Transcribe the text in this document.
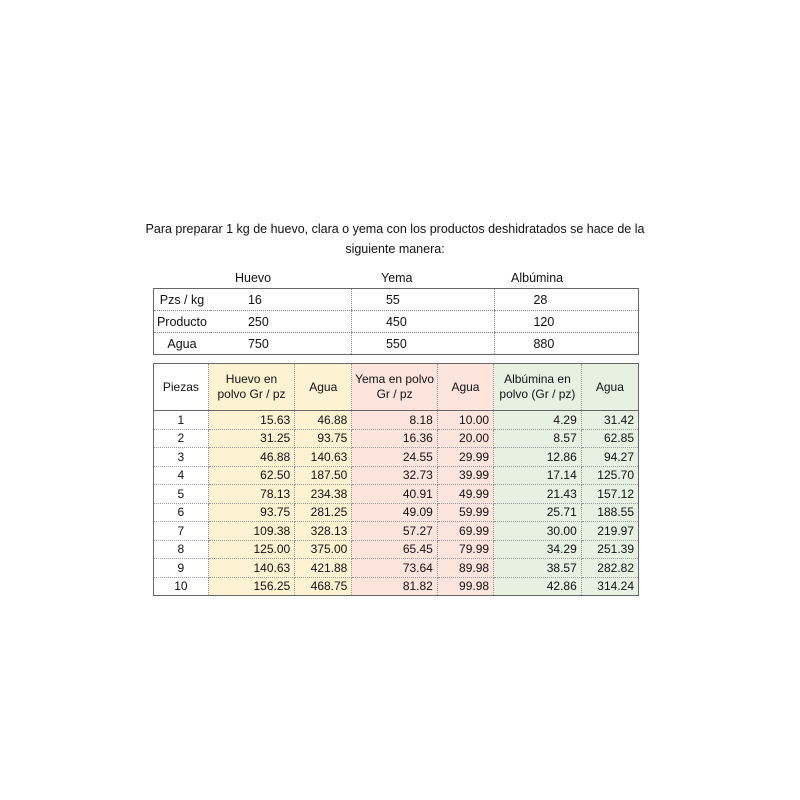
Para preparar 1 kg de huevo, clara o yema con los productos deshidratados se hace de la siguiente manera:
Huevo	Yema	Albúmina
Pzs / kg	16	55	28
Producto	250	450	120
Agua	750	550	880
Piezas	Huevo en polvo Gr / pz	Agua	Yema en polvo Gr / pz	Agua	Albúmina en polvo (Gr / pz)	Agua
1	15.63	46.88	8.18	10.00	4.29	31.42
2	31.25	93.75	16.36	20.00	8.57	62.85
3	46.88	140.63	24.55	29.99	12.86	94.27
4	62.50	187.50	32.73	39.99	17.14	125.70
5	78.13	234.38	40.91	49.99	21.43	157.12
6	93.75	281.25	49.09	59.99	25.71	188.55
7	109.38	328.13	57.27	69.99	30.00	219.97
8	125.00	375.00	65.45	79.99	34.29	251.39
9	140.63	421.88	73.64	89.98	38.57	282.82
10	156.25	468.75	81.82	99.98	42.86	314.24
